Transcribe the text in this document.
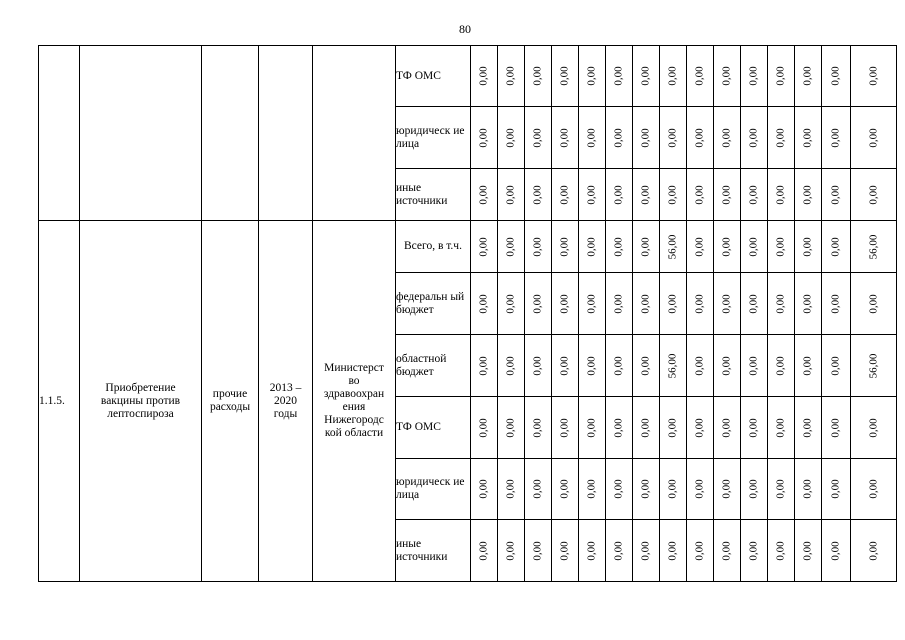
80
					ТФ ОМС	0,00	0,00	0,00	0,00	0,00	0,00	0,00	0,00	0,00	0,00	0,00	0,00	0,00	0,00	0,00

					юридическ ие лица	0,00	0,00	0,00	0,00	0,00	0,00	0,00	0,00	0,00	0,00	0,00	0,00	0,00	0,00	0,00

					иные источники	0,00	0,00	0,00	0,00	0,00	0,00	0,00	0,00	0,00	0,00	0,00	0,00	0,00	0,00	0,00

1.1.5.	Приобретение вакцины против лептоспироза	прочие расходы	2013 – 2020 годы	Министерст во здравоохран ения Нижегородс кой области	Всего, в т.ч.	0,00	0,00	0,00	0,00	0,00	0,00	0,00	56,00	0,00	0,00	0,00	0,00	0,00	0,00	56,00

					федеральн ый бюджет	0,00	0,00	0,00	0,00	0,00	0,00	0,00	0,00	0,00	0,00	0,00	0,00	0,00	0,00	0,00

					областной бюджет	0,00	0,00	0,00	0,00	0,00	0,00	0,00	56,00	0,00	0,00	0,00	0,00	0,00	0,00	56,00

					ТФ ОМС	0,00	0,00	0,00	0,00	0,00	0,00	0,00	0,00	0,00	0,00	0,00	0,00	0,00	0,00	0,00

					юридическ ие лица	0,00	0,00	0,00	0,00	0,00	0,00	0,00	0,00	0,00	0,00	0,00	0,00	0,00	0,00	0,00

					иные источники	0,00	0,00	0,00	0,00	0,00	0,00	0,00	0,00	0,00	0,00	0,00	0,00	0,00	0,00	0,00
